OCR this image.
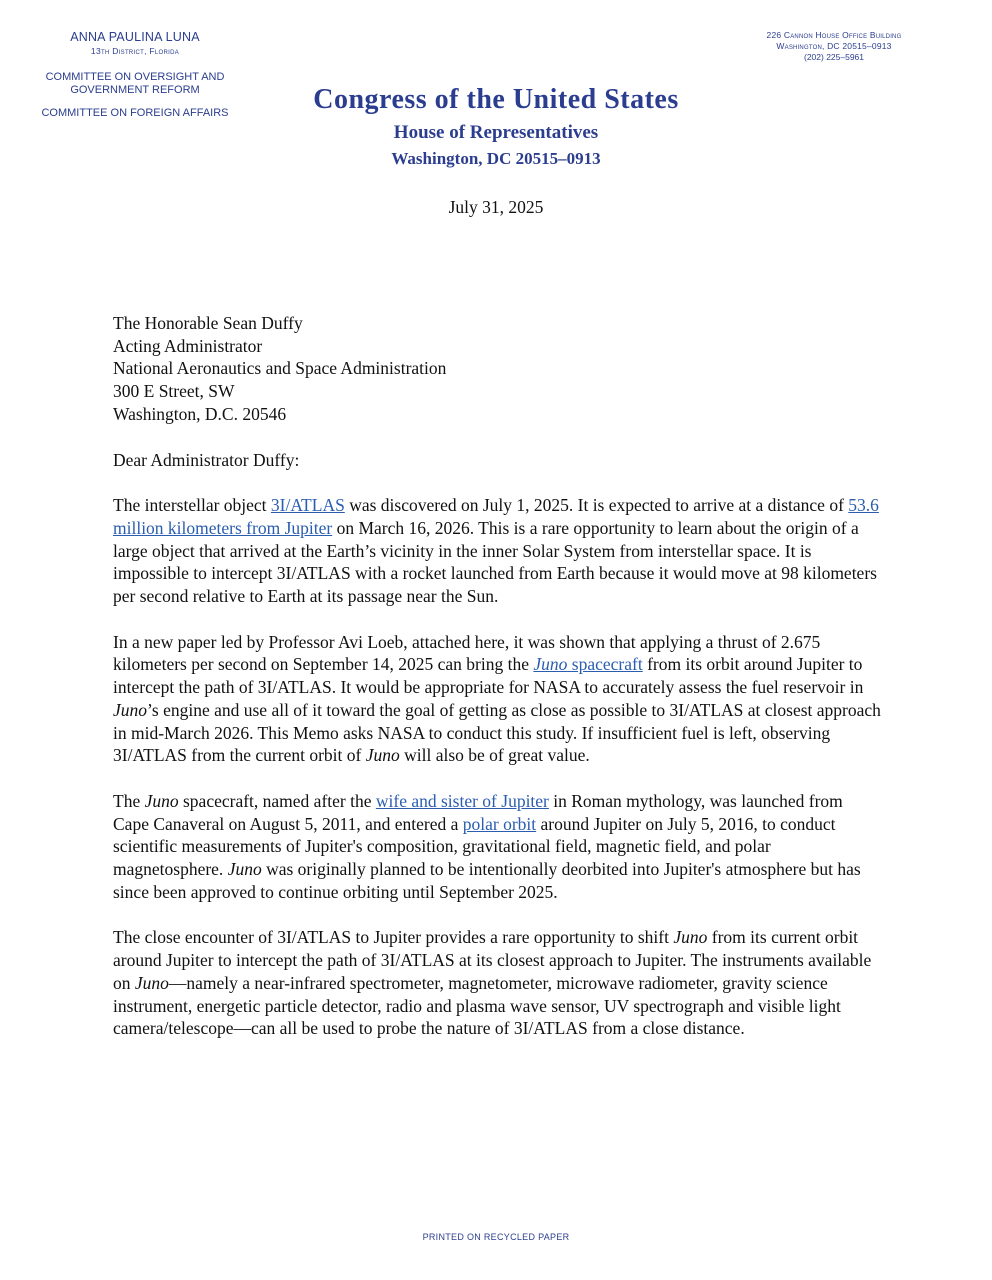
ANNA PAULINA LUNA
13th District, Florida
COMMITTEE ON OVERSIGHT AND
GOVERNMENT REFORM
COMMITTEE ON FOREIGN AFFAIRS
226 Cannon House Office Building
Washington, DC 20515–0913
(202) 225–5961
Congress of the United States
House of Representatives
Washington, DC 20515–0913
July 31, 2025

The Honorable Sean Duffy

Acting Administrator

National Aeronautics and Space Administration

300 E Street, SW

Washington, D.C. 20546

Dear Administrator Duffy:

The interstellar object 3I/ATLAS was discovered on July 1, 2025. It is expected to arrive at a distance of 53.6 million kilometers from Jupiter on March 16, 2026. This is a rare opportunity to learn about the origin of a large object that arrived at the Earth’s vicinity in the inner Solar System from interstellar space. It is impossible to intercept 3I/ATLAS with a rocket launched from Earth because it would move at 98 kilometers per second relative to Earth at its passage near the Sun.

In a new paper led by Professor Avi Loeb, attached here, it was shown that applying a thrust of 2.675 kilometers per second on September 14, 2025 can bring the Juno spacecraft from its orbit around Jupiter to intercept the path of 3I/ATLAS. It would be appropriate for NASA to accurately assess the fuel reservoir in Juno’s engine and use all of it toward the goal of getting as close as possible to 3I/ATLAS at closest approach in mid-March 2026. This Memo asks NASA to conduct this study. If insufficient fuel is left, observing 3I/ATLAS from the current orbit of Juno will also be of great value.

The Juno spacecraft, named after the wife and sister of Jupiter in Roman mythology, was launched from Cape Canaveral on August 5, 2011, and entered a polar orbit around Jupiter on July 5, 2016, to conduct scientific measurements of Jupiter's composition, gravitational field, magnetic field, and polar magnetosphere. Juno was originally planned to be intentionally deorbited into Jupiter's atmosphere but has since been approved to continue orbiting until September 2025.

The close encounter of 3I/ATLAS to Jupiter provides a rare opportunity to shift Juno from its current orbit around Jupiter to intercept the path of 3I/ATLAS at its closest approach to Jupiter. The instruments available on Juno—namely a near-infrared spectrometer, magnetometer, microwave radiometer, gravity science instrument, energetic particle detector, radio and plasma wave sensor, UV spectrograph and visible light camera/telescope—can all be used to probe the nature of 3I/ATLAS from a close distance.

PRINTED ON RECYCLED PAPER
